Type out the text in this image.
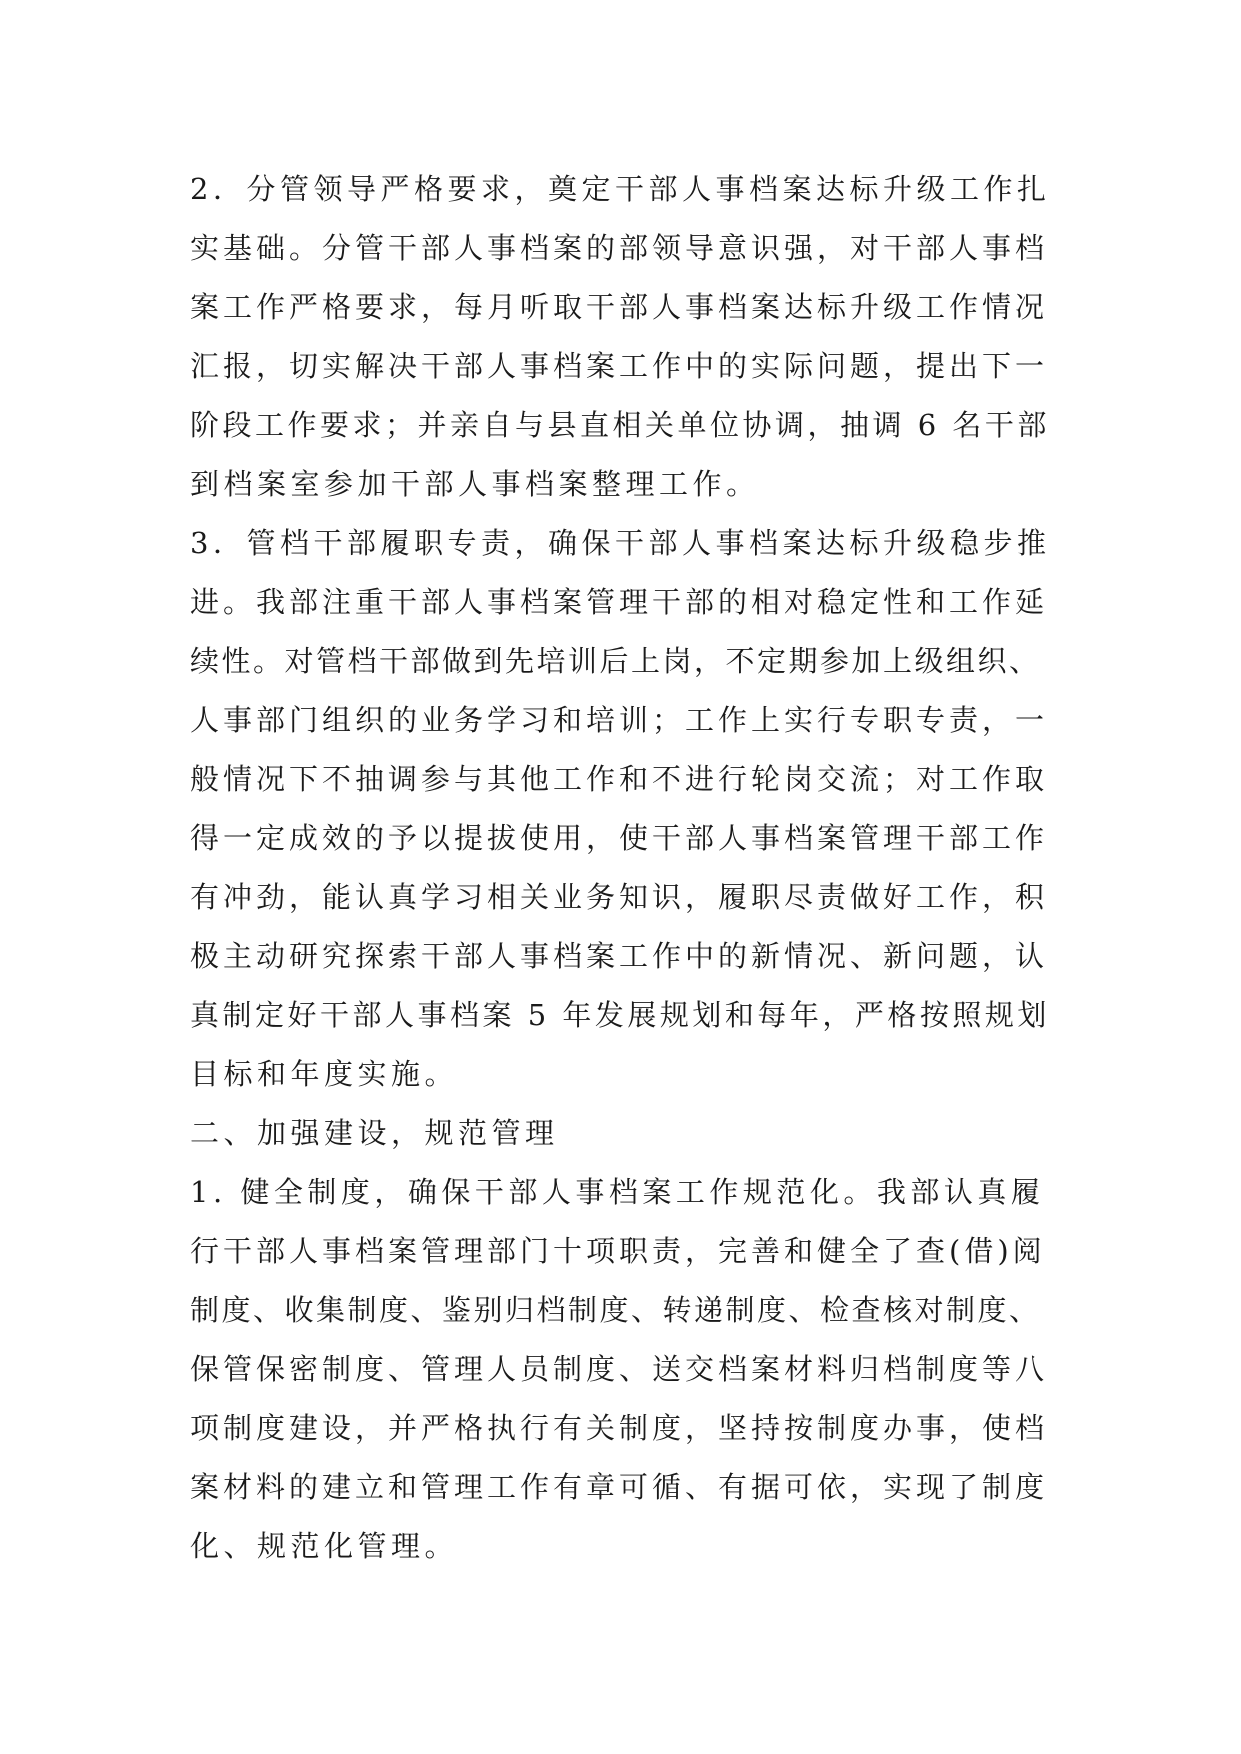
2．分管领导严格要求，奠定干部人事档案达标升级工作扎
实基础。分管干部人事档案的部领导意识强，对干部人事档
案工作严格要求，每月听取干部人事档案达标升级工作情况
汇报，切实解决干部人事档案工作中的实际问题，提出下一
阶段工作要求；并亲自与县直相关单位协调，抽调 6 名干部
到档案室参加干部人事档案整理工作。
3．管档干部履职专责，确保干部人事档案达标升级稳步推
进。我部注重干部人事档案管理干部的相对稳定性和工作延
续性。对管档干部做到先培训后上岗，不定期参加上级组织、
人事部门组织的业务学习和培训；工作上实行专职专责，一
般情况下不抽调参与其他工作和不进行轮岗交流；对工作取
得一定成效的予以提拔使用，使干部人事档案管理干部工作
有冲劲，能认真学习相关业务知识，履职尽责做好工作，积
极主动研究探索干部人事档案工作中的新情况、新问题，认
真制定好干部人事档案 5 年发展规划和每年，严格按照规划
目标和年度实施。
二、加强建设，规范管理
1. 健全制度，确保干部人事档案工作规范化。我部认真履
行干部人事档案管理部门十项职责，完善和健全了查(借)阅
制度、收集制度、鉴别归档制度、转递制度、检查核对制度、
保管保密制度、管理人员制度、送交档案材料归档制度等八
项制度建设，并严格执行有关制度，坚持按制度办事，使档
案材料的建立和管理工作有章可循、有据可依，实现了制度
化、规范化管理。
